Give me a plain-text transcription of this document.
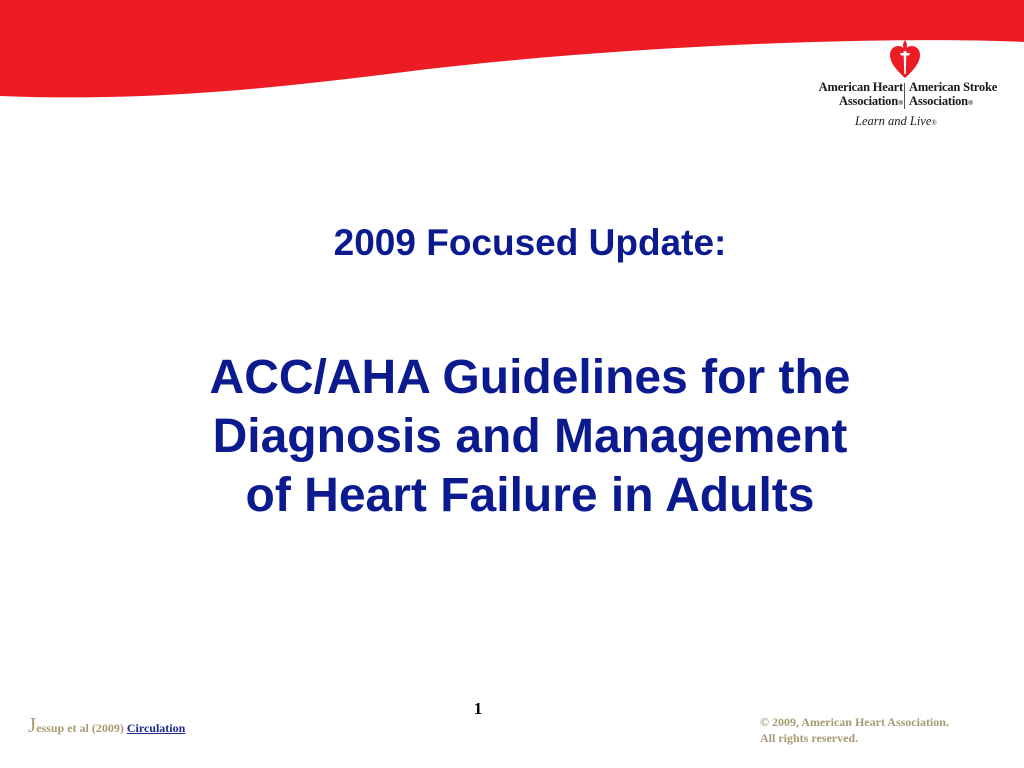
American Heart
Association®
American Stroke
Association®
Learn and Live®
2009 Focused Update:
ACC/AHA Guidelines for the
Diagnosis and Management
of Heart Failure in Adults
1
Jessup et al (2009) Circulation	© 2009, American Heart Association.
All rights reserved.
